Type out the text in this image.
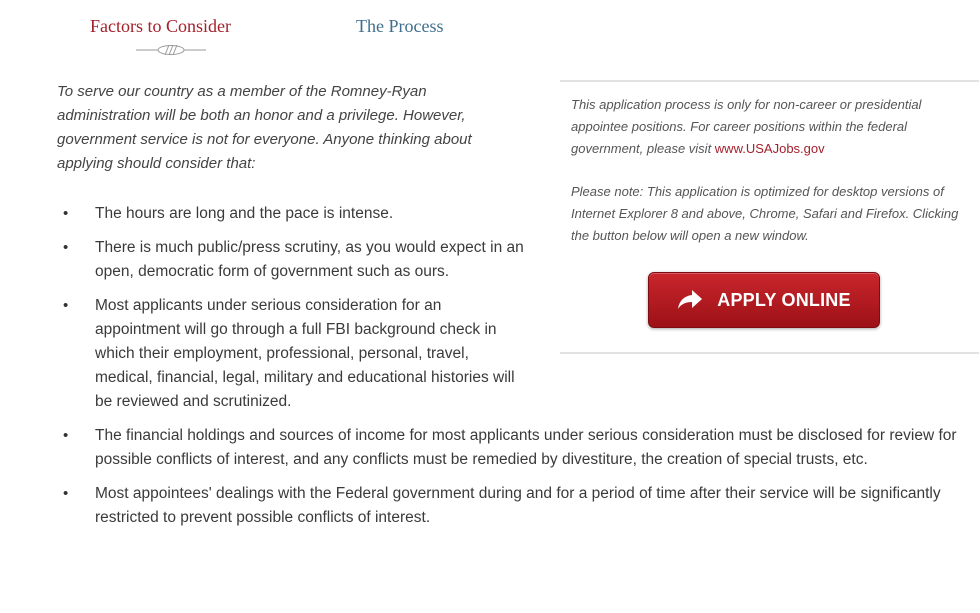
Factors to Consider	The Process

To serve our country as a member of the Romney-Ryan administration will be both an honor and a privilege. However, government service is not for everyone. Anyone thinking about applying should consider that:

• The hours are long and the pace is intense.
• There is much public/press scrutiny, as you would expect in an open, democratic form of government such as ours.
• Most applicants under serious consideration for an appointment will go through a full FBI background check in which their employment, professional, personal, travel, medical, financial, legal, military and educational histories will be reviewed and scrutinized.
• The financial holdings and sources of income for most applicants under serious consideration must be disclosed for review for possible conflicts of interest, and any conflicts must be remedied by divestiture, the creation of special trusts, etc.
• Most appointees' dealings with the Federal government during and for a period of time after their service will be significantly restricted to prevent possible conflicts of interest.

This application process is only for non-career or presidential appointee positions. For career positions within the federal government, please visit www.USAJobs.gov

Please note: This application is optimized for desktop versions of Internet Explorer 8 and above, Chrome, Safari and Firefox. Clicking the button below will open a new window.

APPLY ONLINE
